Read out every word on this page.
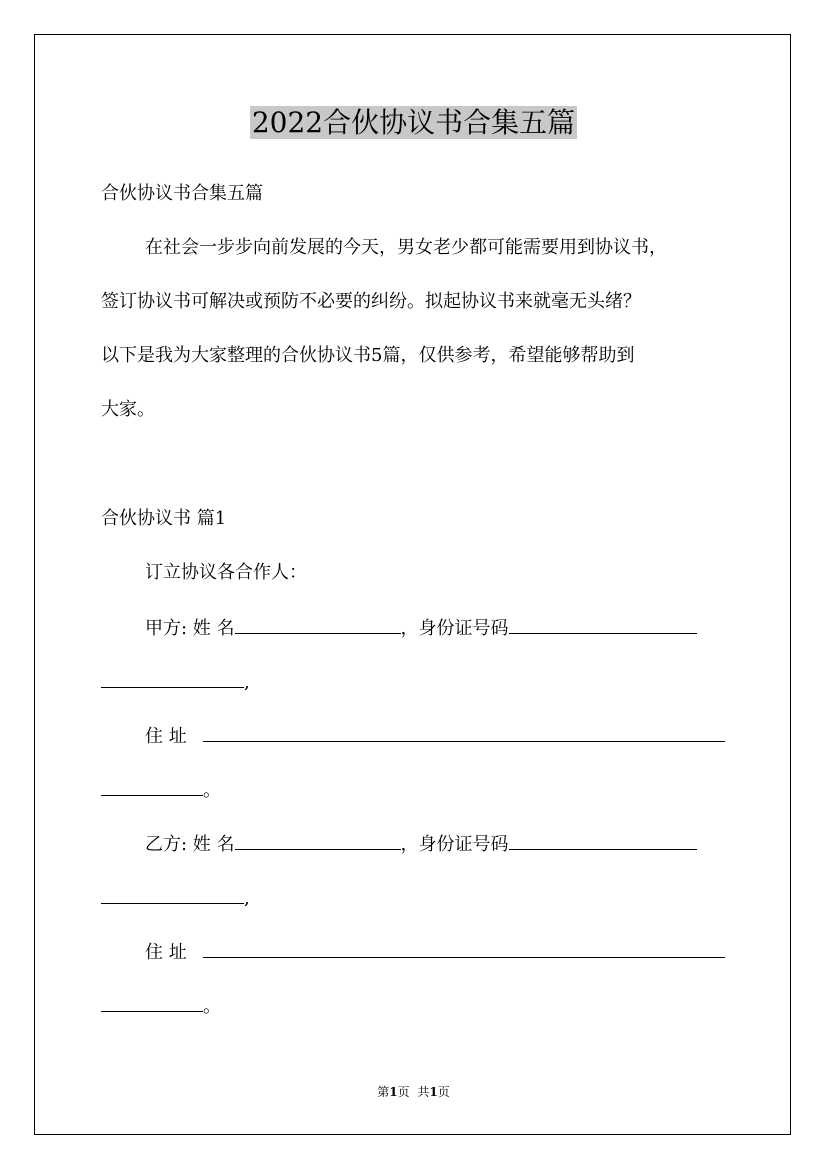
2022合伙协议书合集五篇
合伙协议书合集五篇
在社会一步步向前发展的今天，男女老少都可能需要用到协议书，
签订协议书可解决或预防不必要的纠纷。拟起协议书来就毫无头绪？
以下是我为大家整理的合伙协议书5篇，仅供参考，希望能够帮助到
大家。
合伙协议书 篇1
订立协议各合作人：
甲方: 姓 名	，身份证号码
,
住 址
。
乙方: 姓 名	，身份证号码
,
住 址
。
第1页 共1页
